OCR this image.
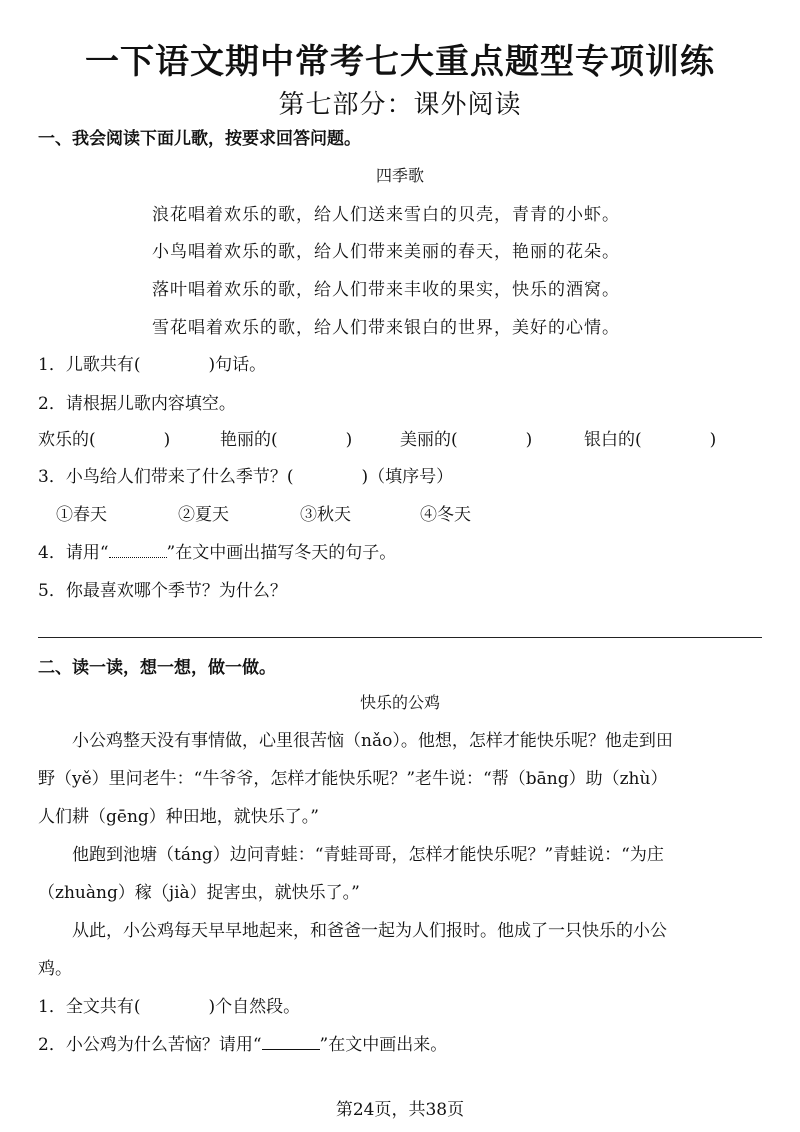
一下语文期中常考七大重点题型专项训练
第七部分：课外阅读
一、我会阅读下面儿歌，按要求回答问题。
四季歌
浪花唱着欢乐的歌，给人们送来雪白的贝壳，青青的小虾。
小鸟唱着欢乐的歌，给人们带来美丽的春天，艳丽的花朵。
落叶唱着欢乐的歌，给人们带来丰收的果实，快乐的酒窝。
雪花唱着欢乐的歌，给人们带来银白的世界，美好的心情。
1．儿歌共有(　　　　)句话。
2．请根据儿歌内容填空。
欢乐的(　　　　)	艳丽的(　　　　)	美丽的(　　　　)	银白的(　　　　)
3．小鸟给人们带来了什么季节？(　　　　)（填序号）
①春天	②夏天	③秋天	④冬天
4．请用“	”在文中画出描写冬天的句子。
5．你最喜欢哪个季节？为什么？
二、读一读，想一想，做一做。
快乐的公鸡
　　小公鸡整天没有事情做，心里很苦恼（nǎo）。他想，怎样才能快乐呢？他走到田
野（yě）里问老牛：“牛爷爷，怎样才能快乐呢？”老牛说：“帮（bāng）助（zhù）
人们耕（gēng）种田地，就快乐了。”
　　他跑到池塘（táng）边问青蛙：“青蛙哥哥，怎样才能快乐呢？”青蛙说：“为庄
（zhuàng）稼（jià）捉害虫，就快乐了。”
　　从此，小公鸡每天早早地起来，和爸爸一起为人们报时。他成了一只快乐的小公
鸡。
1．全文共有(　　　　)个自然段。
2．小公鸡为什么苦恼？请用“	”在文中画出来。
第24页，共38页
